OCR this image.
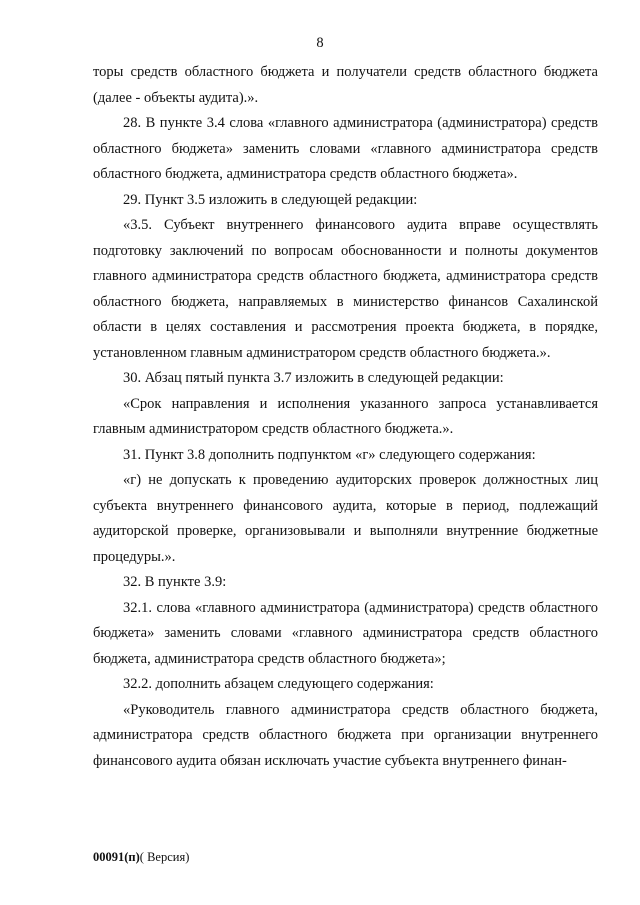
8

торы средств областного бюджета и получатели средств областного бюджета (далее - объекты аудита).».

28. В пункте 3.4 слова «главного администратора (администратора) средств областного бюджета» заменить словами «главного администратора средств областного бюджета, администратора средств областного бюджета».

29. Пункт 3.5 изложить в следующей редакции:

«3.5. Субъект внутреннего финансового аудита вправе осуществлять подготовку заключений по вопросам обоснованности и полноты документов главного администратора средств областного бюджета, администратора средств областного бюджета, направляемых в министерство финансов Сахалинской области в целях составления и рассмотрения проекта бюджета, в порядке, установленном главным администратором средств областного бюджета.».

30. Абзац пятый пункта 3.7 изложить в следующей редакции:

«Срок направления и исполнения указанного запроса устанавливается главным администратором средств областного бюджета.».

31. Пункт 3.8 дополнить подпунктом «г» следующего содержания:

«г) не допускать к проведению аудиторских проверок должностных лиц субъекта внутреннего финансового аудита, которые в период, подлежащий аудиторской проверке, организовывали и выполняли внутренние бюджетные процедуры.».

32. В пункте 3.9:

32.1. слова «главного администратора (администратора) средств областного бюджета» заменить словами «главного администратора средств областного бюджета, администратора средств областного бюджета»;

32.2. дополнить абзацем следующего содержания:

«Руководитель главного администратора средств областного бюджета, администратора средств областного бюджета при организации внутреннего финансового аудита обязан исключать участие субъекта внутреннего финан-

00091(п)( Версия)
